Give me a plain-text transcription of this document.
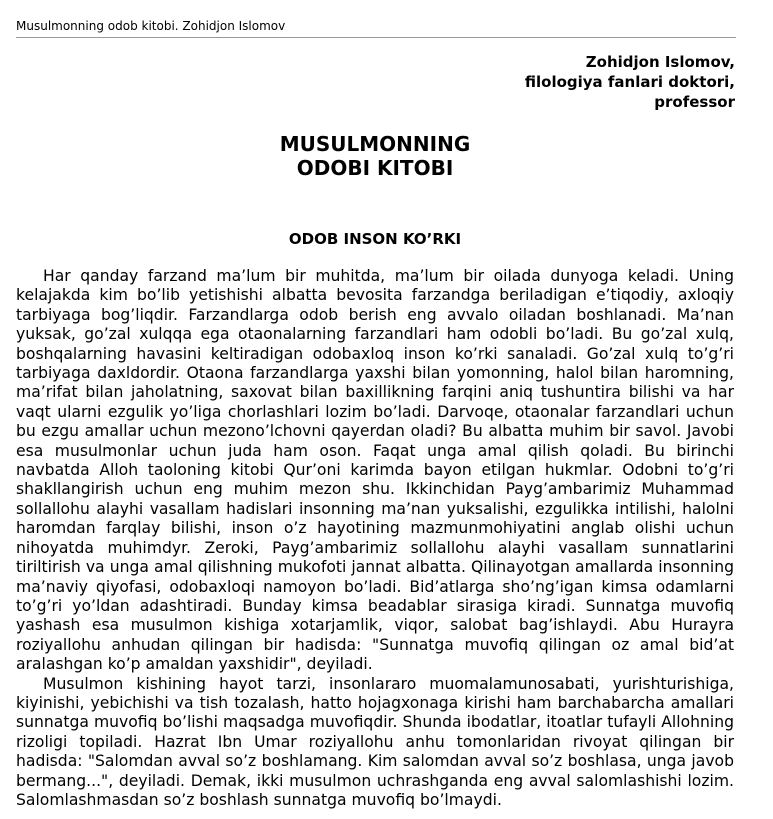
Musulmonning odob kitobi. Zohidjon Islomov
Zohidjon Islomov,
filologiya fanlari doktori,
professor
MUSULMONNING
ODOBI KITOBI
ODOB INSON KO’RKI

Har qanday farzand ma’lum bir muhitda, ma’lum bir oilada dunyoga keladi. Uning kelajakda kim bo’lib yetishishi albatta bevosita farzandga beriladigan e’tiqodiy, axloqiy tarbiyaga bog’liqdir. Farzandlarga odob berish eng avvalo oiladan boshlanadi. Ma’nan yuksak, go’zal xulqqa ega otaonalarning farzandlari ham odobli bo’ladi. Bu go’zal xulq, boshqalarning havasini keltiradigan odobaxloq inson ko’rki sanaladi. Go’zal xulq to’g’ri tarbiyaga daxldordir. Otaona farzandlarga yaxshi bilan yomonning, halol bilan haromning, ma’rifat bilan jaholatning, saxovat bilan baxillikning farqini aniq tushuntira bilishi va har vaqt ularni ezgulik yo’liga chorlashlari lozim bo’ladi. Darvoqe, otaonalar farzandlari uchun bu ezgu amallar uchun mezono’lchovni qayerdan oladi? Bu albatta muhim bir savol. Javobi esa musulmonlar uchun juda ham oson. Faqat unga amal qilish qoladi. Bu birinchi navbatda Alloh taoloning kitobi Qur’oni karimda bayon etilgan hukmlar. Odobni to’g’ri shakllangirish uchun eng muhim mezon shu. Ikkinchidan Payg’ambarimiz Muhammad sollallohu alayhi vasallam hadislari insonning ma’nan yuksalishi, ezgulikka intilishi, halolni haromdan farqlay bilishi, inson o’z hayotining mazmunmohiyatini anglab olishi uchun nihoyatda muhimdyr. Zeroki, Payg’ambarimiz sollallohu alayhi vasallam sunnatlarini tiriltirish va unga amal qilishning mukofoti jannat albatta. Qilinayotgan amallarda insonning ma’naviy qiyofasi, odobaxloqi namoyon bo’ladi. Bid’atlarga sho’ng’igan kimsa odamlarni to’g’ri yo’ldan adashtiradi. Bunday kimsa beadablar sirasiga kiradi. Sunnatga muvofiq yashash esa musulmon kishiga xotarjamlik, viqor, salobat bag’ishlaydi. Abu Hurayra roziyallohu anhudan qilingan bir hadisda: "Sunnatga muvofiq qilingan oz amal bid’at aralashgan ko’p amaldan yaxshidir", deyiladi.

Musulmon kishining hayot tarzi, insonlararo muomalamunosabati, yurishturishiga, kiyinishi, yebichishi va tish tozalash, hatto hojagxonaga kirishi ham barchabarcha amallari sunnatga muvofiq bo’lishi maqsadga muvofiqdir. Shunda ibodatlar, itoatlar tufayli Allohning rizoligi topiladi. Hazrat Ibn Umar roziyallohu anhu tomonlaridan rivoyat qilingan bir hadisda: "Salomdan avval so’z boshlamang. Kim salomdan avval so’z boshlasa, unga javob bermang...", deyiladi. Demak, ikki musulmon uchrashganda eng avval salomlashishi lozim. Salomlashmasdan so’z boshlash sunnatga muvofiq bo’lmaydi.
